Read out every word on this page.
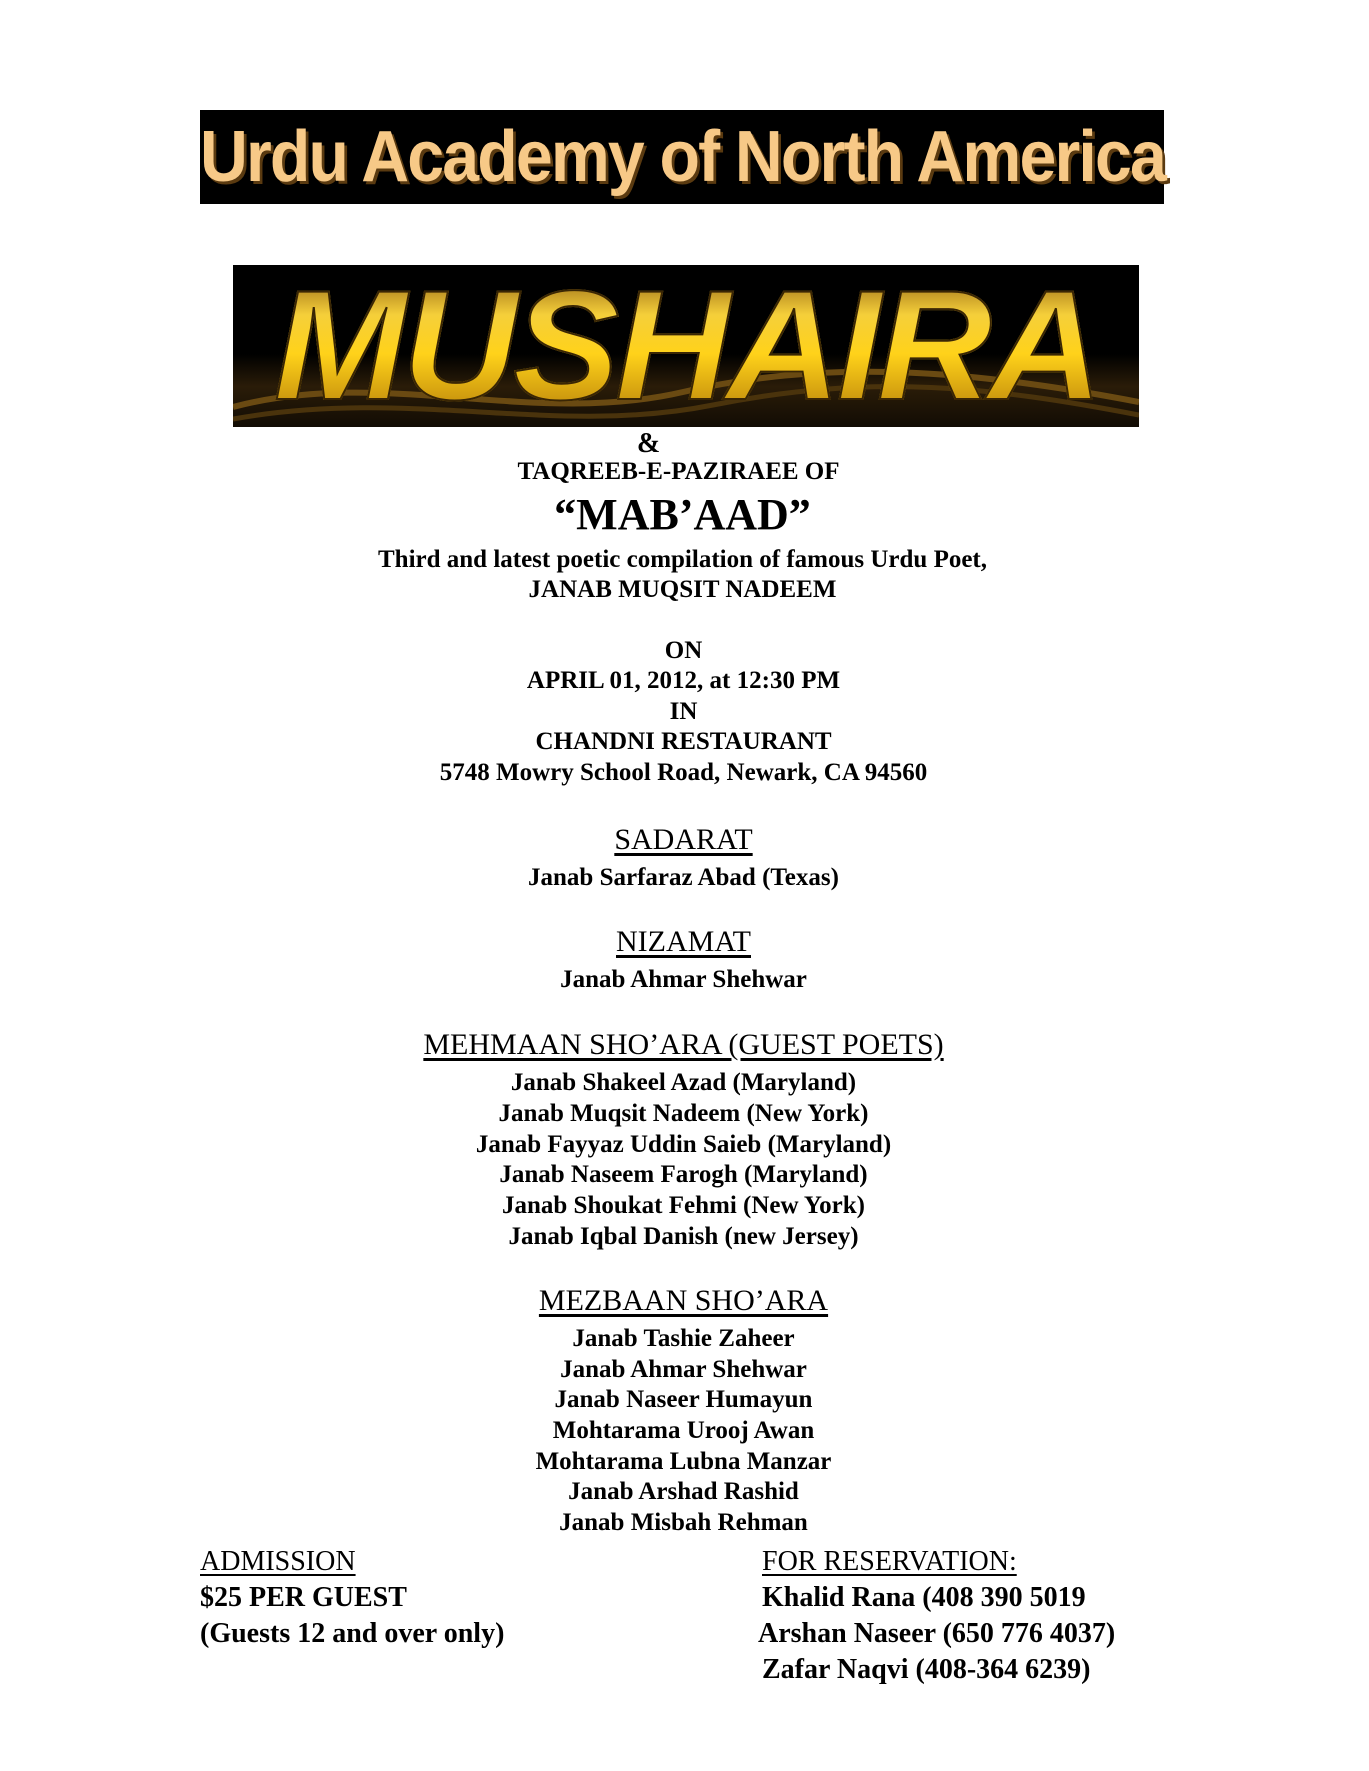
Urdu Academy of North America
MUSHAIRA
&
TAQREEB-E-PAZIRAEE OF
“MAB’AAD”
Third and latest poetic compilation of famous Urdu Poet,
JANAB MUQSIT NADEEM
ON
APRIL 01, 2012, at 12:30 PM
IN
CHANDNI RESTAURANT
5748 Mowry School Road, Newark, CA 94560
SADARAT
Janab Sarfaraz Abad (Texas)
NIZAMAT
Janab Ahmar Shehwar
MEHMAAN SHO’ARA (GUEST POETS)
Janab Shakeel Azad (Maryland)
Janab Muqsit Nadeem (New York)
Janab Fayyaz Uddin Saieb (Maryland)
Janab Naseem Farogh (Maryland)
Janab Shoukat Fehmi (New York)
Janab Iqbal Danish (new Jersey)
MEZBAAN SHO’ARA
Janab Tashie Zaheer
Janab Ahmar Shehwar
Janab Naseer Humayun
Mohtarama Urooj Awan
Mohtarama Lubna Manzar
Janab Arshad Rashid
Janab Misbah Rehman
ADMISSION
$25 PER GUEST
(Guests 12 and over only)
FOR RESERVATION:
Khalid Rana (408 390 5019
Arshan Naseer (650 776 4037)
Zafar Naqvi (408-364 6239)
